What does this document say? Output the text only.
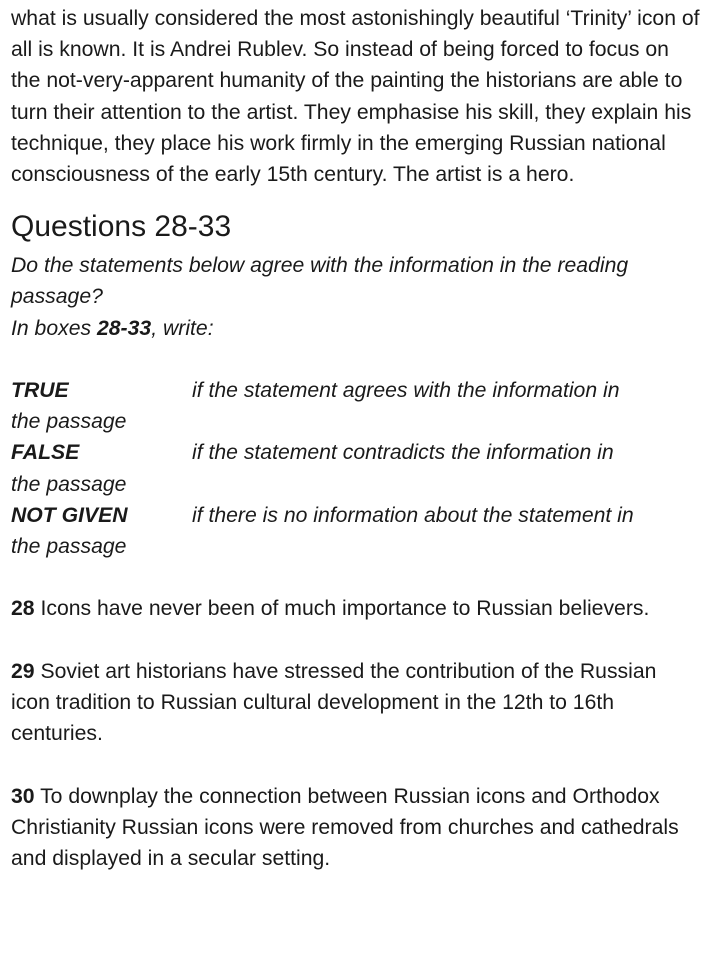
what is usually considered the most astonishingly beautiful ‘Trinity’ icon of all is known. It is Andrei Rublev. So instead of being forced to focus on the not-very-apparent humanity of the painting the historians are able to turn their attention to the artist. They emphasise his skill, they explain his technique, they place his work firmly in the emerging Russian national consciousness of the early 15th century. The artist is a hero.

Questions 28-33

Do the statements below agree with the information in the reading passage?

In boxes 28-33, write:

TRUE	if the statement agrees with the information in

the passage

FALSE	if the statement contradicts the information in

the passage

NOT GIVEN	if there is no information about the statement in

the passage

28 Icons have never been of much importance to Russian believers.

29 Soviet art historians have stressed the contribution of the Russian icon tradition to Russian cultural development in the 12th to 16th centuries.

30 To downplay the connection between Russian icons and Orthodox Christianity Russian icons were removed from churches and cathedrals and displayed in a secular setting.
